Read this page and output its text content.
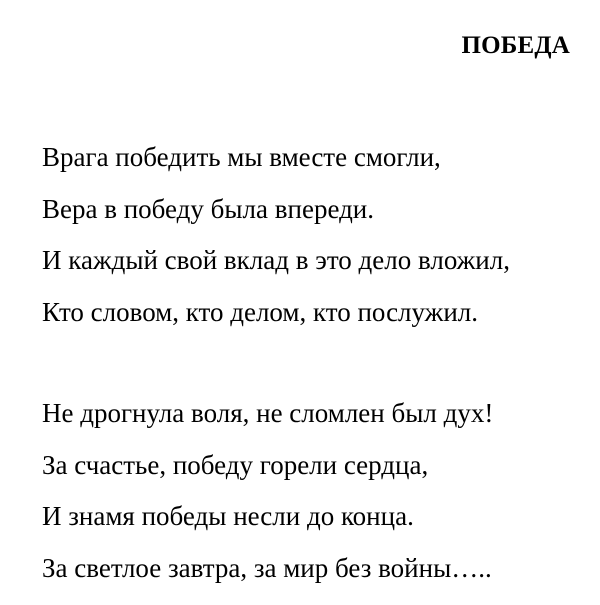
ПОБЕДА
Врага победить мы вместе смогли,
Вера в победу была впереди.
И каждый свой вклад в это дело вложил,
Кто словом, кто делом, кто послужил.
Не дрогнула воля, не сломлен был дух!
За счастье, победу горели сердца,
И знамя победы несли до конца.
За светлое завтра, за мир без войны…..
